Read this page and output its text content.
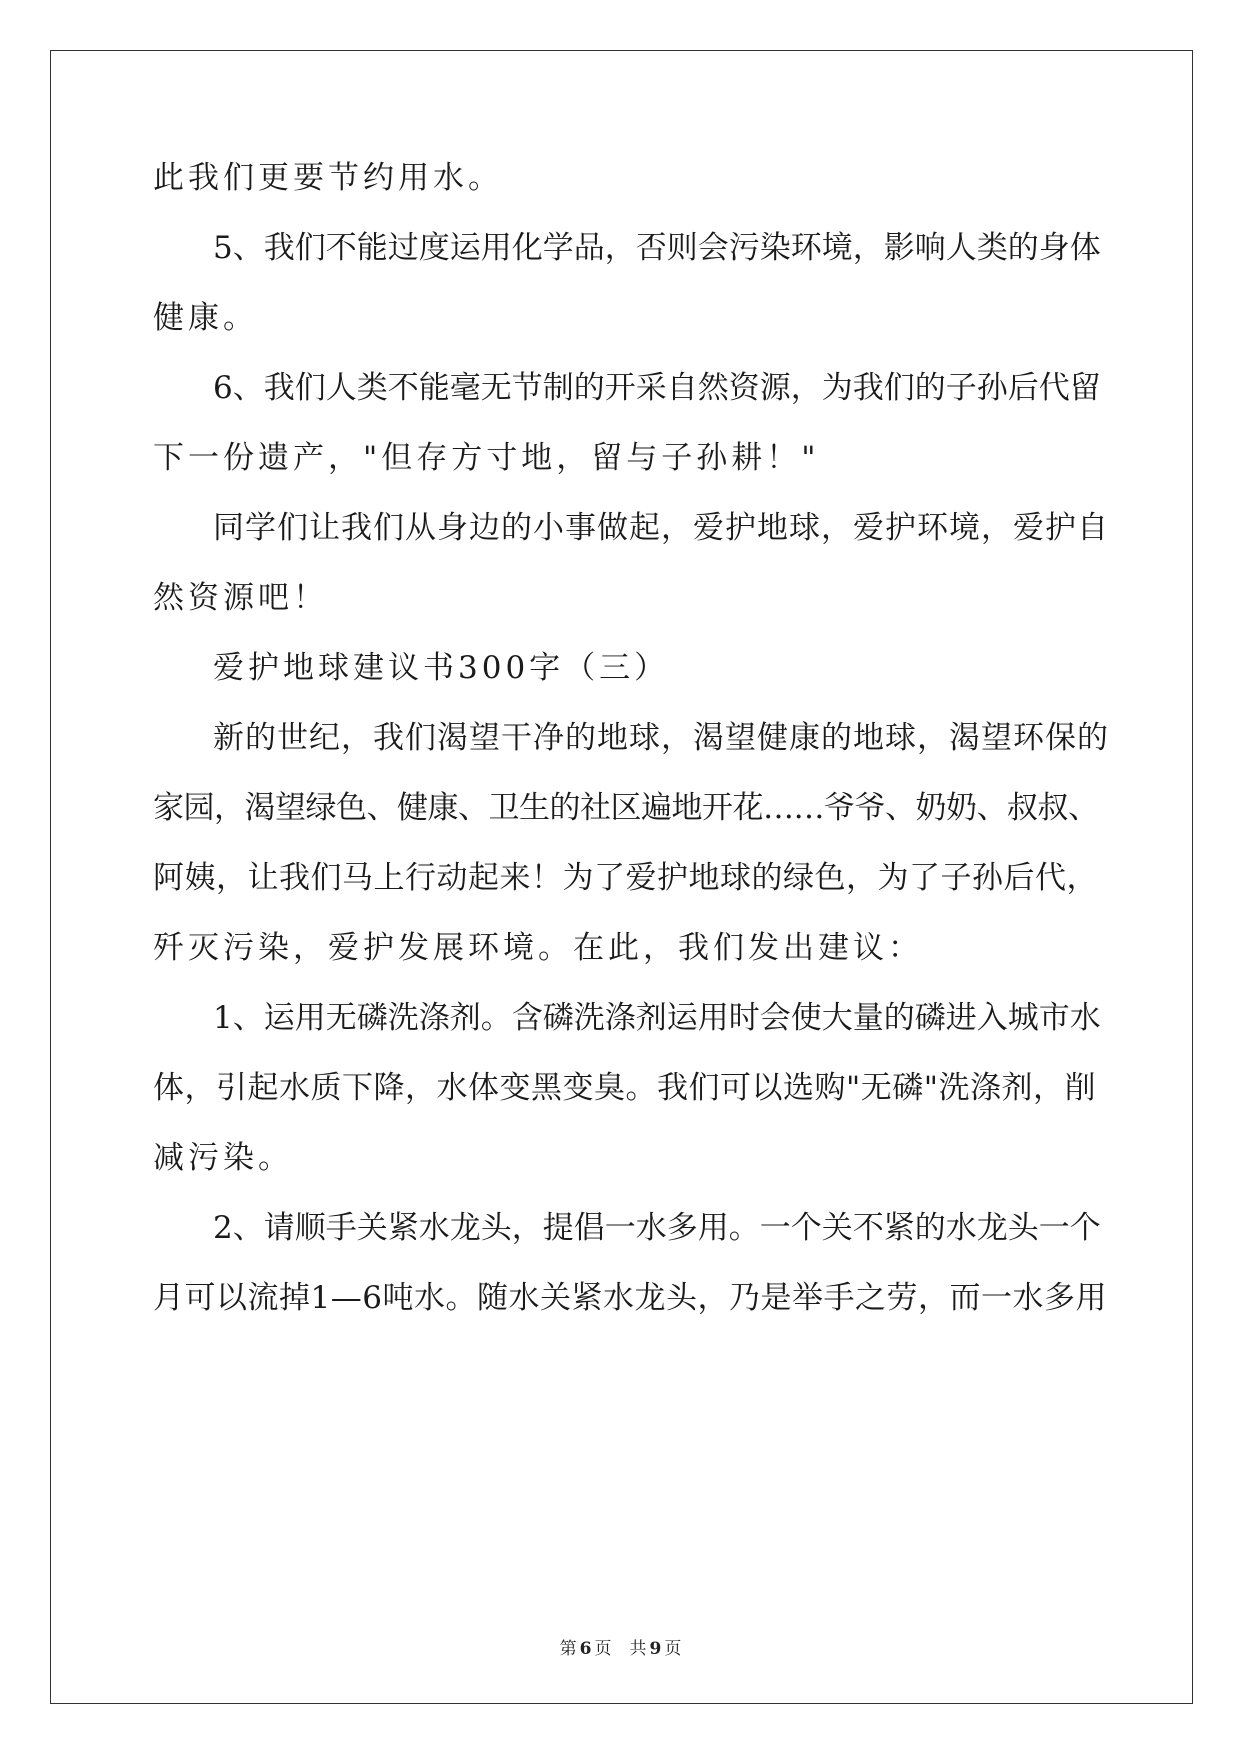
此我们更要节约用水。
5、我们不能过度运用化学品，否则会污染环境，影响人类的身体
健康。
6、我们人类不能毫无节制的开采自然资源，为我们的子孙后代留
下一份遗产，"但存方寸地，留与子孙耕！"
同学们让我们从身边的小事做起，爱护地球，爱护环境，爱护自
然资源吧！
爱护地球建议书300字（三）
新的世纪，我们渴望干净的地球，渴望健康的地球，渴望环保的
家园，渴望绿色、健康、卫生的社区遍地开花……爷爷、奶奶、叔叔、
阿姨，让我们马上行动起来！为了爱护地球的绿色，为了子孙后代，
歼灭污染，爱护发展环境。在此，我们发出建议：
1、运用无磷洗涤剂。含磷洗涤剂运用时会使大量的磷进入城市水
体，引起水质下降，水体变黑变臭。我们可以选购"无磷"洗涤剂，削
减污染。
2、请顺手关紧水龙头，提倡一水多用。一个关不紧的水龙头一个
月可以流掉1—6吨水。随水关紧水龙头，乃是举手之劳，而一水多用
第 6 页 共 9 页
